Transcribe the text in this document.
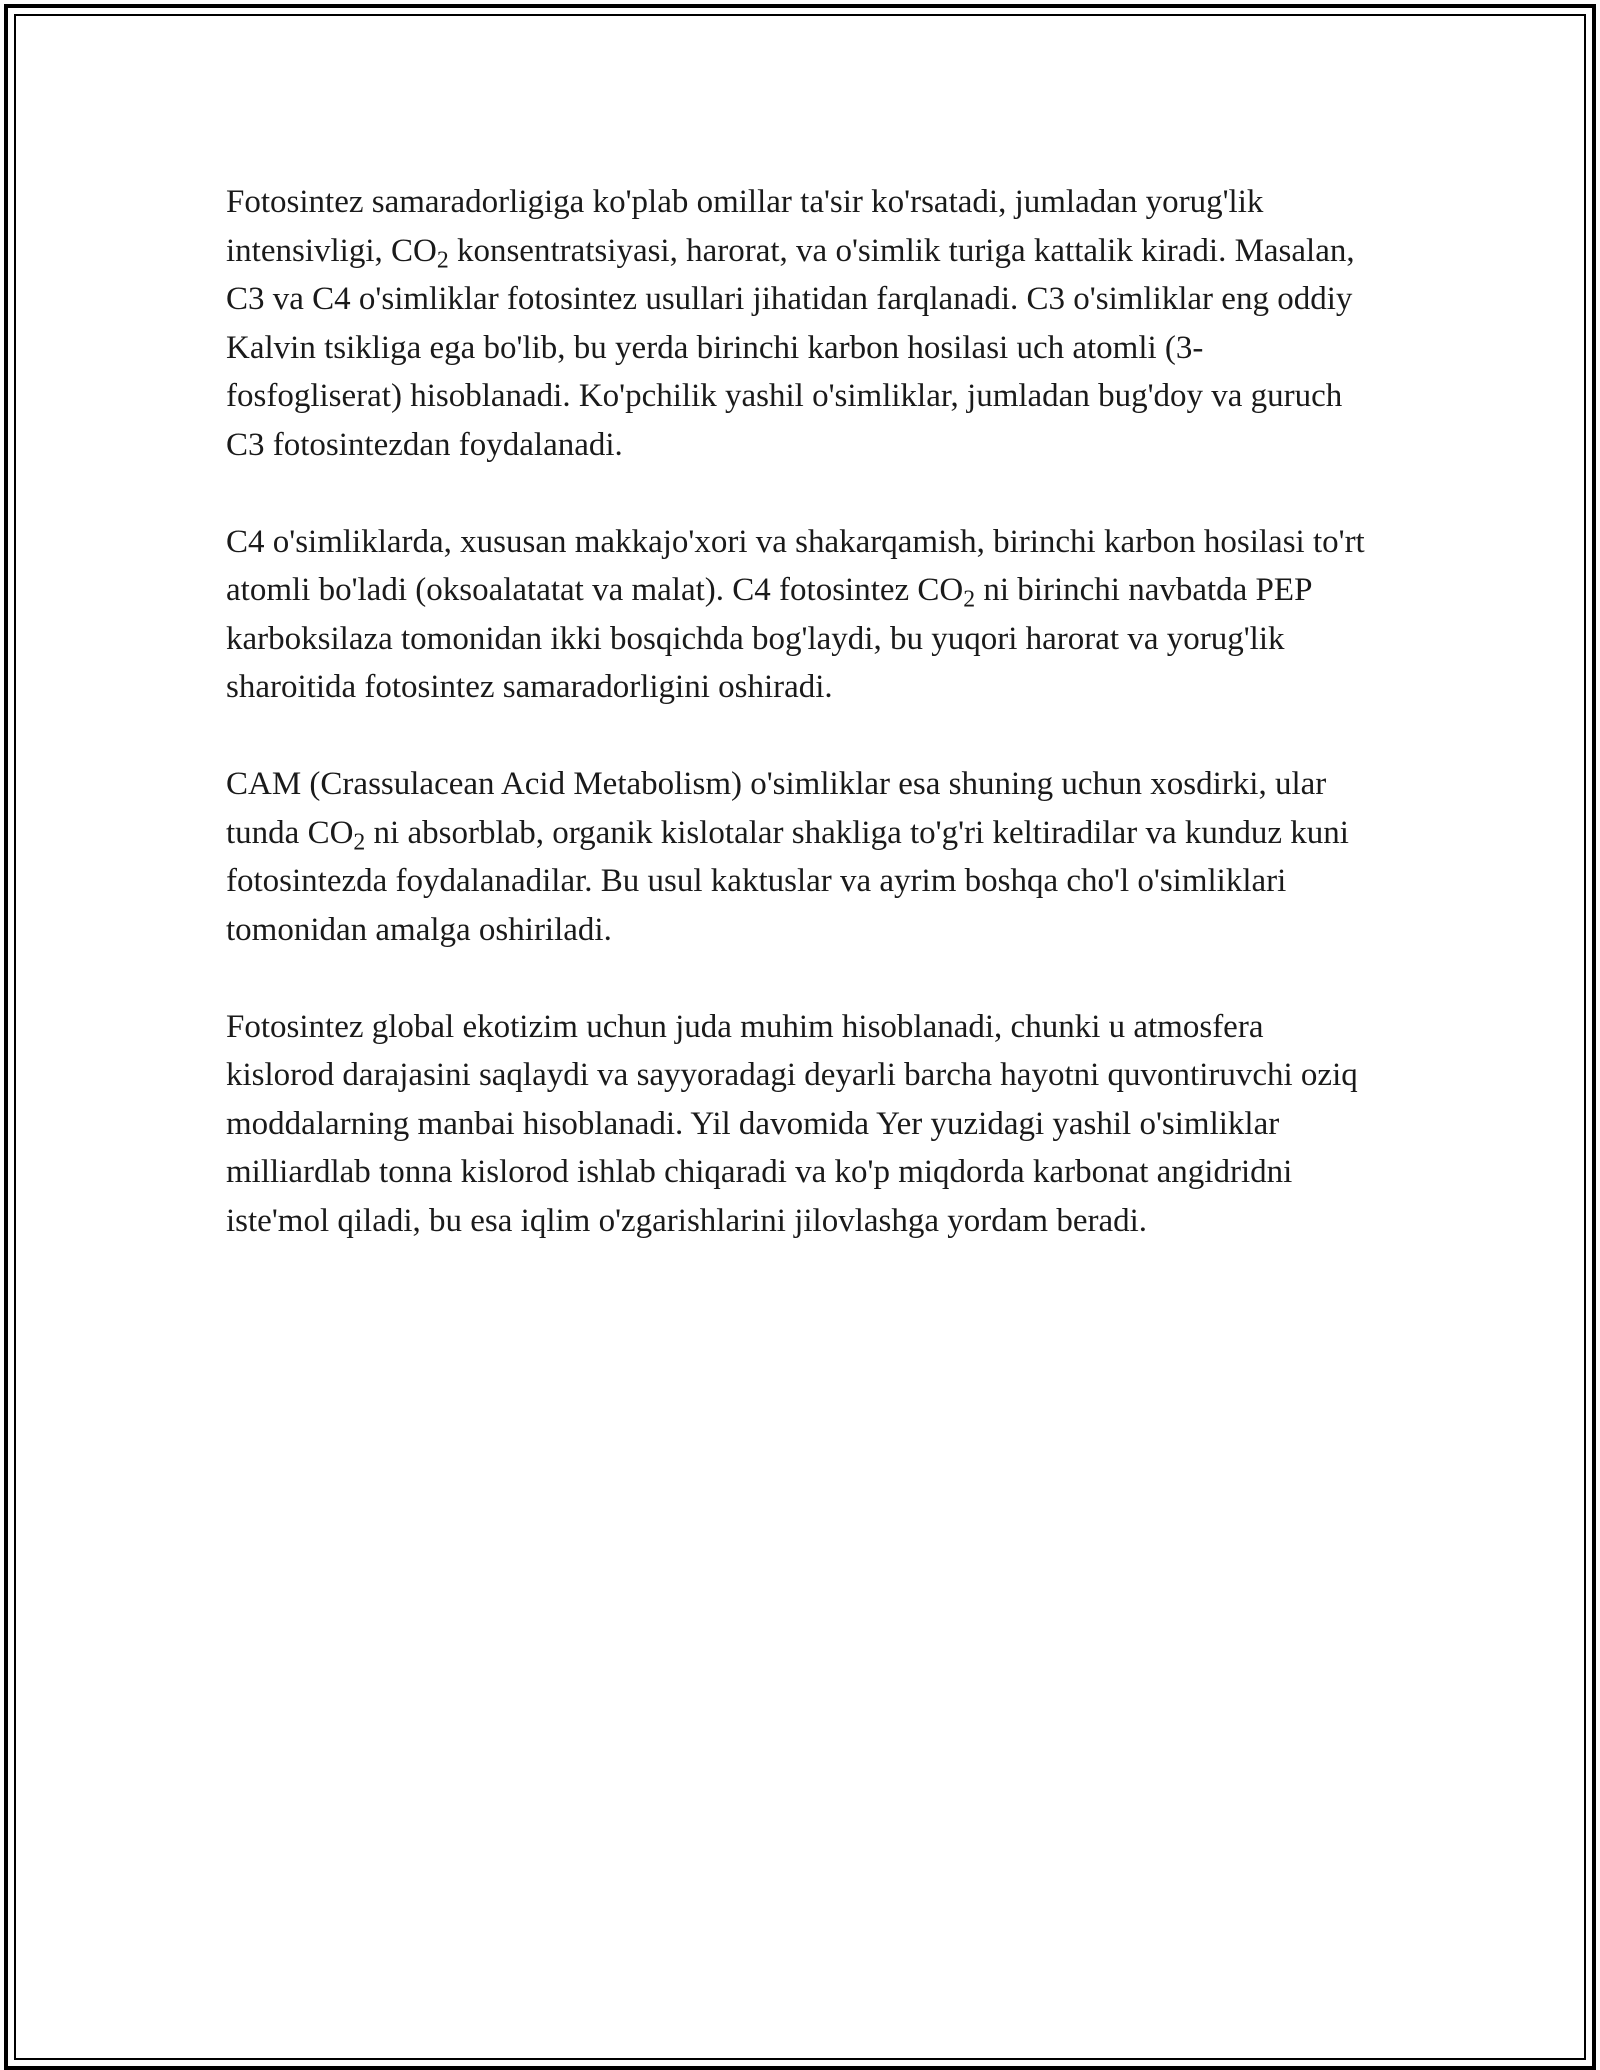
Fotosintez samaradorligiga ko'plab omillar ta'sir ko'rsatadi, jumladan yorug'lik intensivligi, $CO_2$ konsentratsiyasi, harorat, va o'simlik turiga kattalik kiradi. Masalan, C3 va C4 o'simliklar fotosintez usullari jihatidan farqlanadi. C3 o'simliklar eng oddiy Kalvin tsikliga ega bo'lib, bu yerda birinchi karbon hosilasi uch atomli (3-fosfogliserat) hisoblanadi. Ko'pchilik yashil o'simliklar, jumladan bug'doy va guruch C3 fotosintezdan foydalanadi.

C4 o'simliklarda, xususan makkajo'xori va shakarqamish, birinchi karbon hosilasi to'rt atomli bo'ladi (oksoalatatat va malat). C4 fotosintez $CO_2$ ni birinchi navbatda PEP karboksilaza tomonidan ikki bosqichda bog'laydi, bu yuqori harorat va yorug'lik sharoitida fotosintez samaradorligini oshiradi.

CAM (Crassulacean Acid Metabolism) o'simliklar esa shuning uchun xosdirki, ular tunda $CO_2$ ni absorblab, organik kislotalar shakliga to'g'ri keltiradilar va kunduz kuni fotosintezda foydalanadilar. Bu usul kaktuslar va ayrim boshqa cho'l o'simliklari tomonidan amalga oshiriladi.

Fotosintez global ekotizim uchun juda muhim hisoblanadi, chunki u atmosfera kislorod darajasini saqlaydi va sayyoradagi deyarli barcha hayotni quvontiruvchi oziq moddalarning manbai hisoblanadi. Yil davomida Yer yuzidagi yashil o'simliklar milliardlab tonna kislorod ishlab chiqaradi va ko'p miqdorda karbonat angidridni iste'mol qiladi, bu esa iqlim o'zgarishlarini jilovlashga yordam beradi.
